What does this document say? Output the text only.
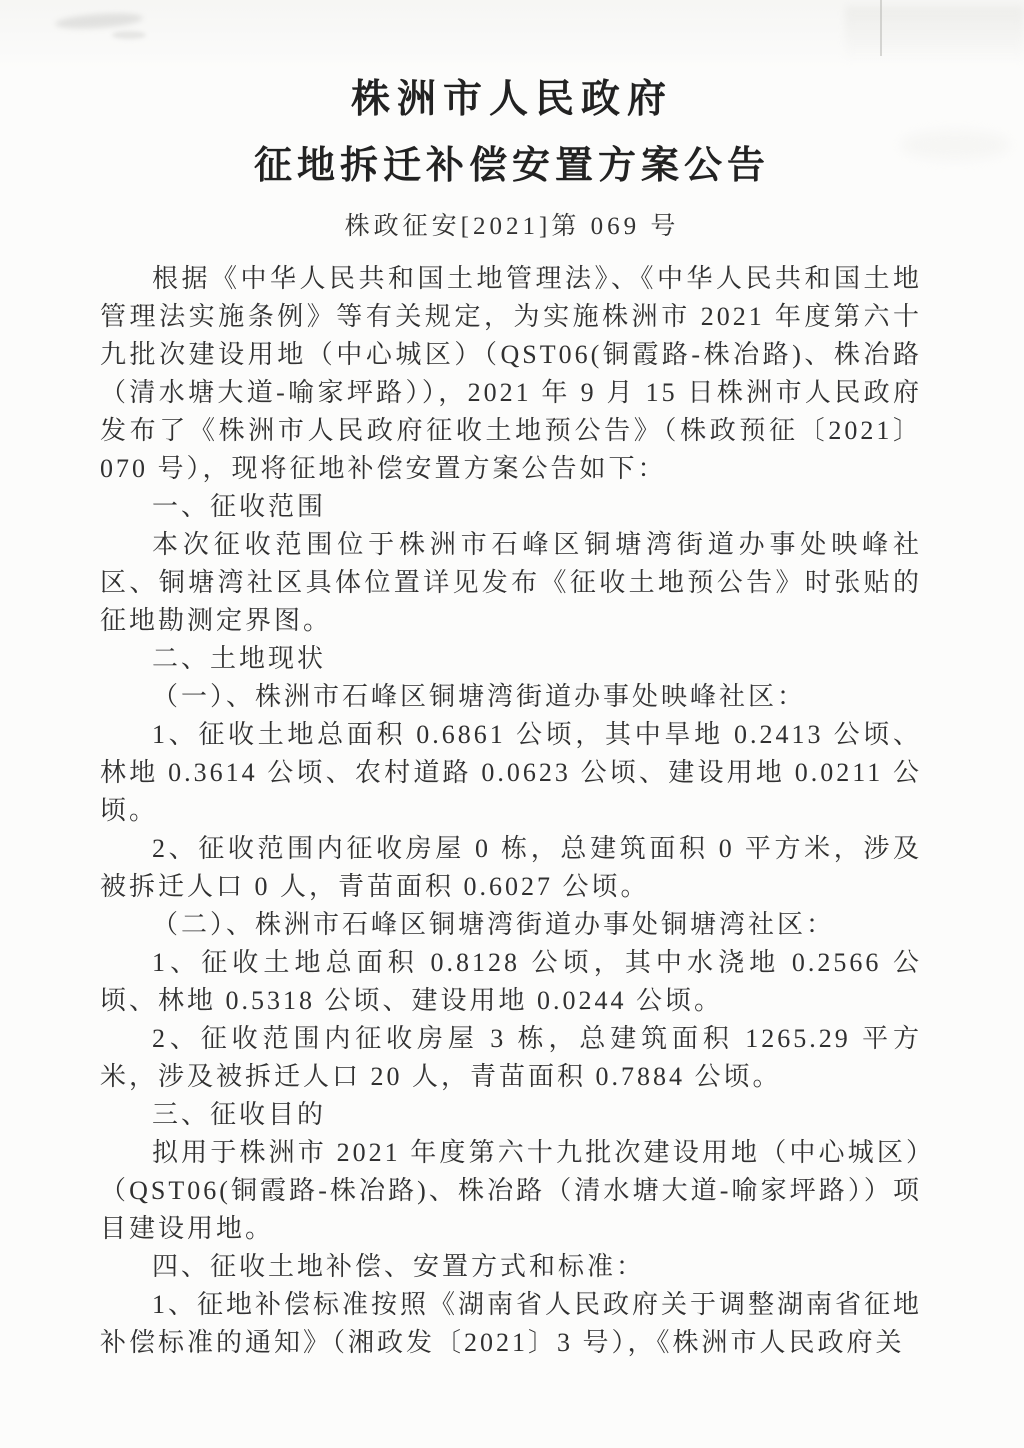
株洲市人民政府
征地拆迁补偿安置方案公告
株政征安[2021]第 069 号

根据《中华人民共和国土地管理法》、《中华人民共和国土地管理法实施条例》等有关规定，为实施株洲市 2021 年度第六十九批次建设用地（中心城区）（QST06(铜霞路-株冶路)、株冶路（清水塘大道-喻家坪路）），2021 年 9 月 15 日株洲市人民政府发布了《株洲市人民政府征收土地预公告》（株政预征〔2021〕070 号），现将征地补偿安置方案公告如下：

一、征收范围

本次征收范围位于株洲市石峰区铜塘湾街道办事处映峰社区、铜塘湾社区具体位置详见发布《征收土地预公告》时张贴的征地勘测定界图。

二、土地现状

（一）、株洲市石峰区铜塘湾街道办事处映峰社区：

1、征收土地总面积 0.6861 公顷，其中旱地 0.2413 公顷、林地 0.3614 公顷、农村道路 0.0623 公顷、建设用地 0.0211 公顷。

2、征收范围内征收房屋 0 栋，总建筑面积 0 平方米，涉及被拆迁人口 0 人，青苗面积 0.6027 公顷。

（二）、株洲市石峰区铜塘湾街道办事处铜塘湾社区：

1、征收土地总面积 0.8128 公顷，其中水浇地 0.2566 公顷、林地 0.5318 公顷、建设用地 0.0244 公顷。

2、征收范围内征收房屋 3 栋，总建筑面积 1265.29 平方米，涉及被拆迁人口 20 人，青苗面积 0.7884 公顷。

三、征收目的

拟用于株洲市 2021 年度第六十九批次建设用地（中心城区）（QST06(铜霞路-株冶路)、株冶路（清水塘大道-喻家坪路））项目建设用地。

四、征收土地补偿、安置方式和标准：

1、征地补偿标准按照《湖南省人民政府关于调整湖南省征地补偿标准的通知》（湘政发〔2021〕3 号），《株洲市人民政府关
